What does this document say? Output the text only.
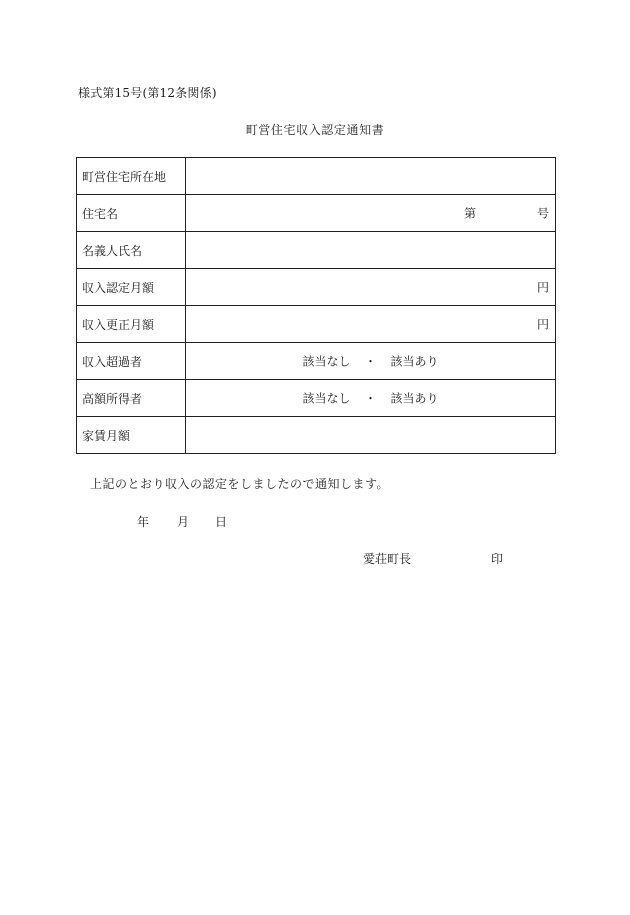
様式第15号(第12条関係)
町営住宅収入認定通知書
町営住宅所在地	
住宅名	第 号

名義人氏名	
収入認定月額	円

収入更正月額	円

収入超過者	該当なし ・ 該当あり

高額所得者	該当なし ・ 該当あり

家賃月額	
上記のとおり収入の認定をしましたので通知します。
年 月 日
愛荘町長	印
